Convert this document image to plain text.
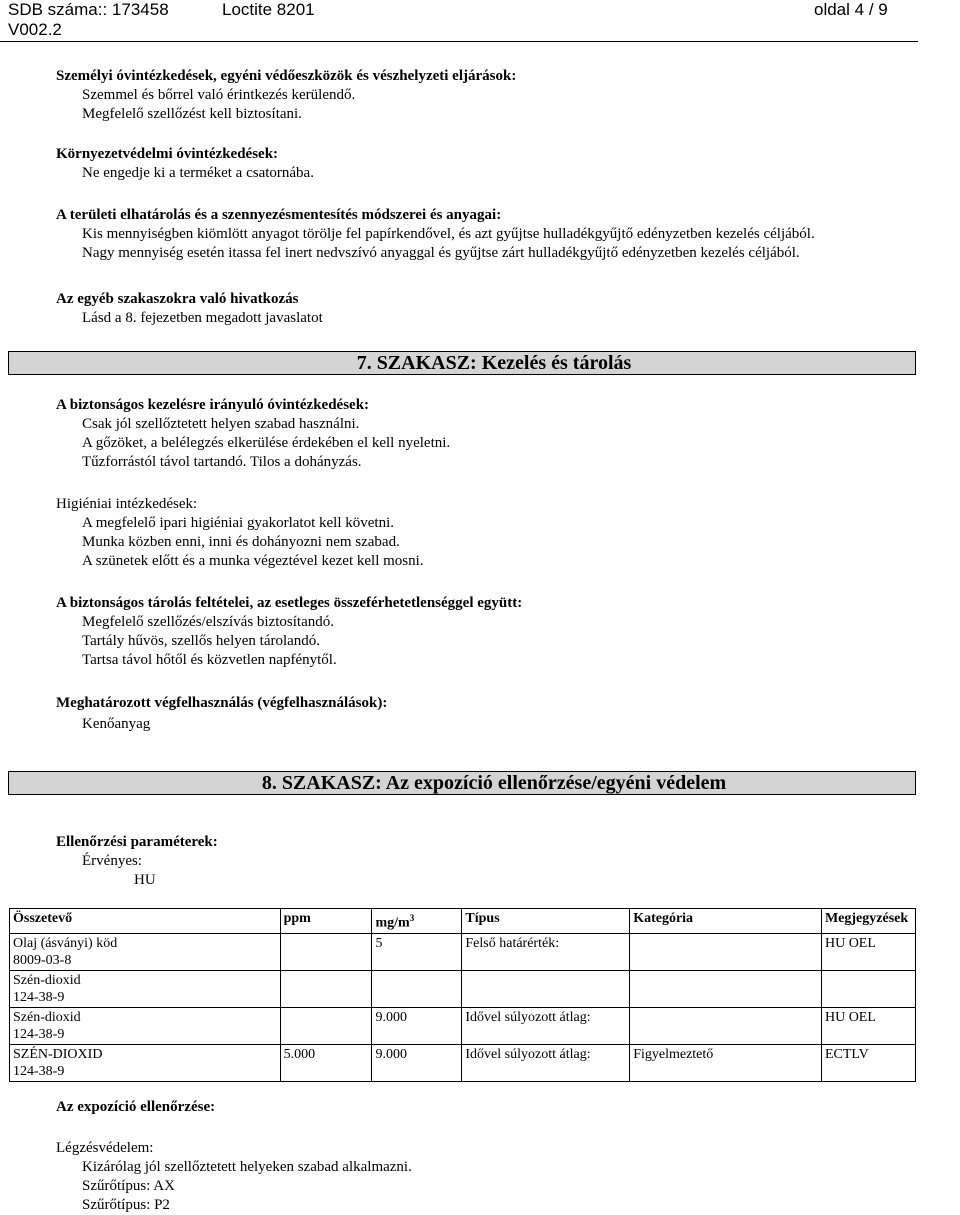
SDB száma:: 173458	Loctite 8201	oldal 4 / 9
V002.2
Személyi óvintézkedések, egyéni védőeszközök és vészhelyzeti eljárások:
Szemmel és bőrrel való érintkezés kerülendő.
Megfelelő szellőzést kell biztosítani.
Környezetvédelmi óvintézkedések:
Ne engedje ki a terméket a csatornába.
A területi elhatárolás és a szennyezésmentesítés módszerei és anyagai:
Kis mennyiségben kiömlött anyagot törölje fel papírkendővel, és azt gyűjtse hulladékgyűjtő edényzetben kezelés céljából.
Nagy mennyiség esetén itassa fel inert nedvszívó anyaggal és gyűjtse zárt hulladékgyűjtő edényzetben kezelés céljából.
Az egyéb szakaszokra való hivatkozás
Lásd a 8. fejezetben megadott javaslatot
7. SZAKASZ: Kezelés és tárolás
A biztonságos kezelésre irányuló óvintézkedések:
Csak jól szellőztetett helyen szabad használni.
A gőzöket, a belélegzés elkerülése érdekében el kell nyeletni.
Tűzforrástól távol tartandó. Tilos a dohányzás.
Higiéniai intézkedések:
A megfelelő ipari higiéniai gyakorlatot kell követni.
Munka közben enni, inni és dohányozni nem szabad.
A szünetek előtt és a munka végeztével kezet kell mosni.
A biztonságos tárolás feltételei, az esetleges összeférhetetlenséggel együtt:
Megfelelő szellőzés/elszívás biztosítandó.
Tartály hűvös, szellős helyen tárolandó.
Tartsa távol hőtől és közvetlen napfénytől.
Meghatározott végfelhasználás (végfelhasználások):
Kenőanyag
8. SZAKASZ: Az expozíció ellenőrzése/egyéni védelem
Ellenőrzési paraméterek:
Érvényes:
HU
Összetevő	ppm	$mg/m^3$	Típus	Kategória	Megjegyzések

Olaj (ásványi) köd
8009-03-8		5	Felső határérték:		HU OEL

Szén-dioxid
124-38-9					

Szén-dioxid
124-38-9		9.000	Idővel súlyozott átlag:		HU OEL

SZÉN-DIOXID
124-38-9	5.000	9.000	Idővel súlyozott átlag:	Figyelmeztető	ECTLV
Az expozíció ellenőrzése:
Légzésvédelem:
Kizárólag jól szellőztetett helyeken szabad alkalmazni.
Szűrőtípus: AX
Szűrőtípus: P2
